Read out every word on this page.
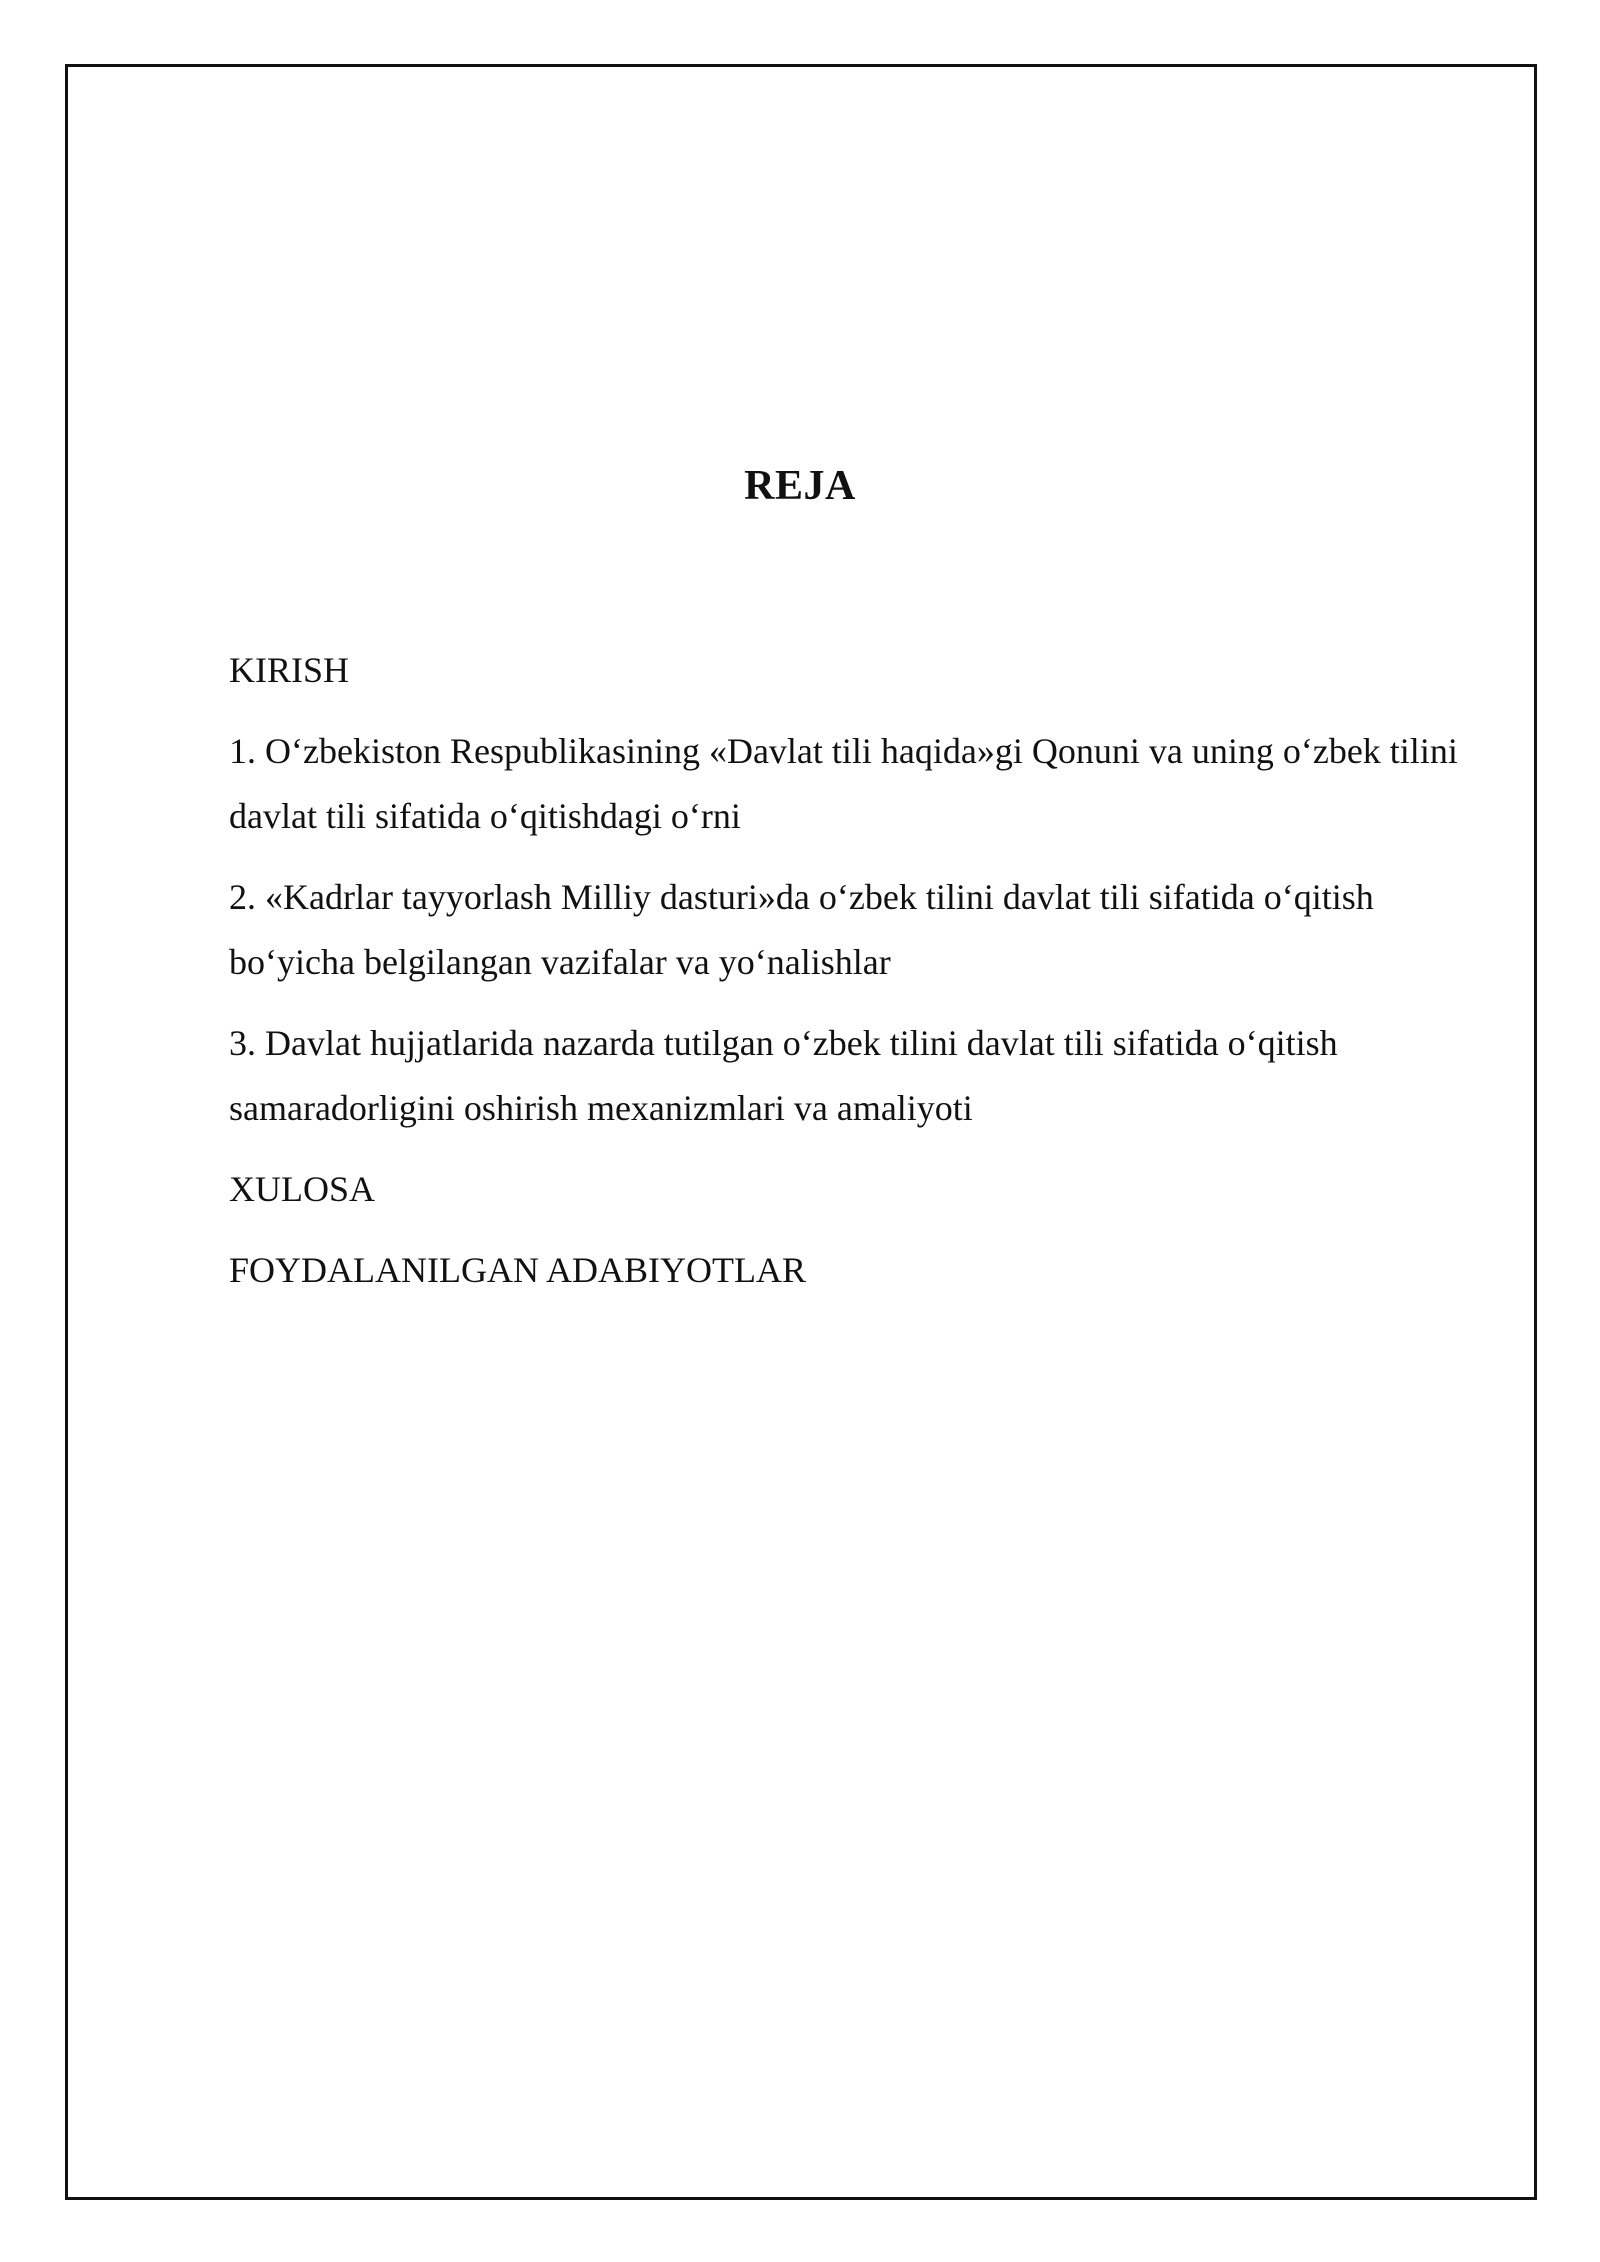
REJA
KIRISH
1. O‘zbekiston Respublikasining «Davlat tili haqida»gi Qonuni va uning o‘zbek tilini davlat tili sifatida o‘qitishdagi o‘rni
2. «Kadrlar tayyorlash Milliy dasturi»da o‘zbek tilini davlat tili sifatida o‘qitish bo‘yicha belgilangan vazifalar va yo‘nalishlar
3. Davlat hujjatlarida nazarda tutilgan o‘zbek tilini davlat tili sifatida o‘qitish samaradorligini oshirish mexanizmlari va amaliyoti
XULOSA
FOYDALANILGAN ADABIYOTLAR
